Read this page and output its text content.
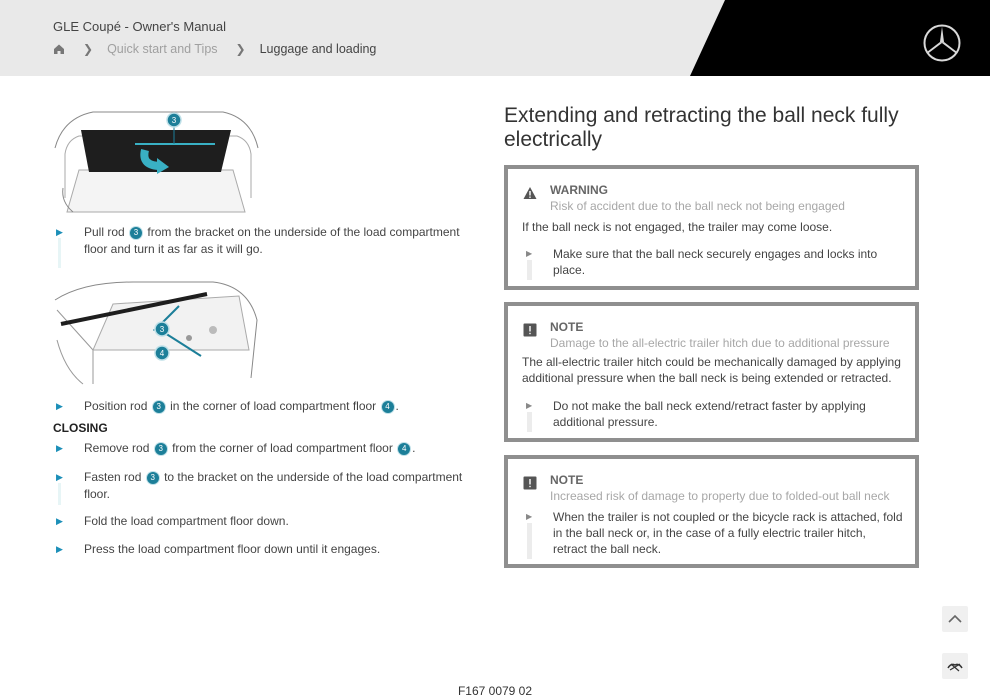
GLE Coupé - Owner's Manual
❯ Quick start and Tips ❯ Luggage and loading
3
▶ Pull rod 3 from the bracket on the underside of the load compartment floor and turn it as far as it will go.
3
4
▶ Position rod 3 in the corner of load compartment floor 4 .
CLOSING
▶ Remove rod 3 from the corner of load compartment floor 4 .
▶ Fasten rod 3 to the bracket on the underside of the load compartment floor.
▶ Fold the load compartment floor down.
▶ Press the load compartment floor down until it engages.
Extending and retracting the ball neck fully electrically
WARNING
Risk of accident due to the ball neck not being engaged
If the ball neck is not engaged, the trailer may come loose.
▶ Make sure that the ball neck securely engages and locks into place.
NOTE
Damage to the all-electric trailer hitch due to additional pressure
The all-electric trailer hitch could be mechanically damaged by applying additional pressure when the ball neck is being extended or retracted.
▶ Do not make the ball neck extend/retract faster by applying additional pressure.
NOTE
Increased risk of damage to property due to folded-out ball neck
▶ When the trailer is not coupled or the bicycle rack is attached, fold in the ball neck or, in the case of a fully electric trailer hitch, retract the ball neck.
F167 0079 02
